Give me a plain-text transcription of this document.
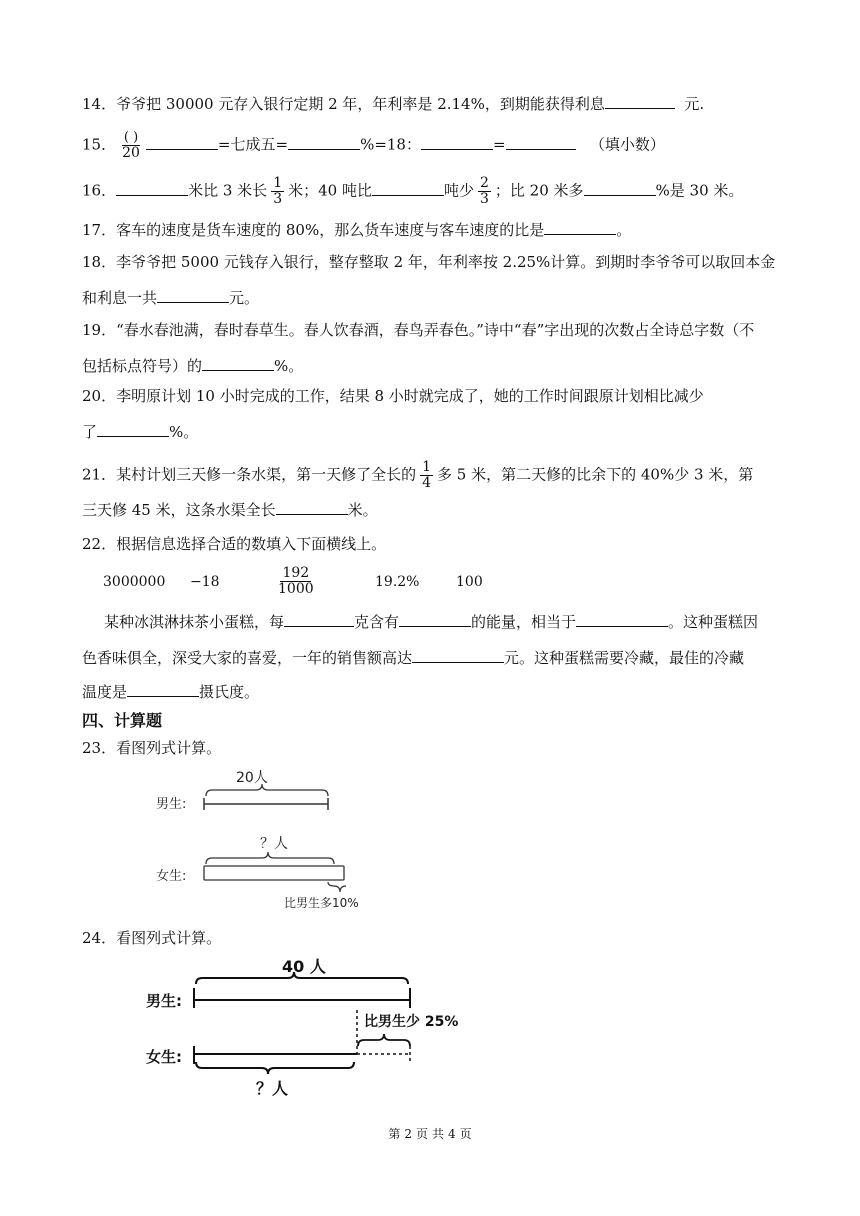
14．爷爷把 30000 元存入银行定期 2 年，年利率是 2.14%，到期能获得利息	元.
15． $\frac{( )}{20}$	=七成五=	%=18：	=	（填小数）
16．	米比 3 米长 $\frac{1}{3}$ 米；40 吨比	吨少 $\frac{2}{3}$ ；比 20 米多	%是 30 米。
17．客车的速度是货车速度的 80%，那么货车速度与客车速度的比是	。
18．李爷爷把 5000 元钱存入银行，整存整取 2 年，年利率按 2.25%计算。到期时李爷爷可以取回本金
和利息一共	元。
19．“春水春池满，春时春草生。春人饮春酒，春鸟弄春色。”诗中“春”字出现的次数占全诗总字数（不
包括标点符号）的	%。
20．李明原计划 10 小时完成的工作，结果 8 小时就完成了，她的工作时间跟原计划相比减少
了	%。
21．某村计划三天修一条水渠，第一天修了全长的 $\frac{1}{4}$ 多 5 米，第二天修的比余下的 40%少 3 米，第
三天修 45 米，这条水渠全长	米。
22．根据信息选择合适的数填入下面横线上。
3000000 −18	$\frac{192}{1000}$	19.2%	100
某种冰淇淋抹茶小蛋糕，每	克含有	的能量，相当于	。这种蛋糕因
色香味俱全，深受大家的喜爱，一年的销售额高达	元。这种蛋糕需要冷藏，最佳的冷藏
温度是	摄氏度。
四、计算题
23．看图列式计算。
20人
男生:
？人
女生:
比男生多10%
24．看图列式计算。
40 人
男生:
比男生少 25%
女生:
？人
第 2 页 共 4 页
